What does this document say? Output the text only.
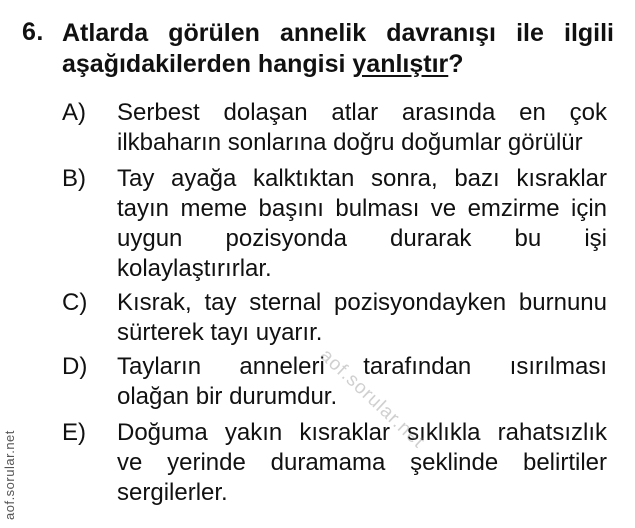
6. Atlarda görülen annelik davranışı ile ilgili
aşağıdakilerden hangisi yanlıştır?
A)	Serbest dolaşan atlar arasında en çok
ilkbaharın sonlarına doğru doğumlar görülür
B)	Tay ayağa kalktıktan sonra, bazı kısraklar
tayın meme başını bulması ve emzirme için
uygun pozisyonda durarak bu işi
kolaylaştırırlar.
C)	Kısrak, tay sternal pozisyondayken burnunu
sürterek tayı uyarır.
D)	Tayların anneleri tarafından ısırılması
olağan bir durumdur.
E)	Doğuma yakın kısraklar sıklıkla rahatsızlık
ve yerinde duramama şeklinde belirtiler
sergilerler.
aof.sorular.net
aof.sorular.net
